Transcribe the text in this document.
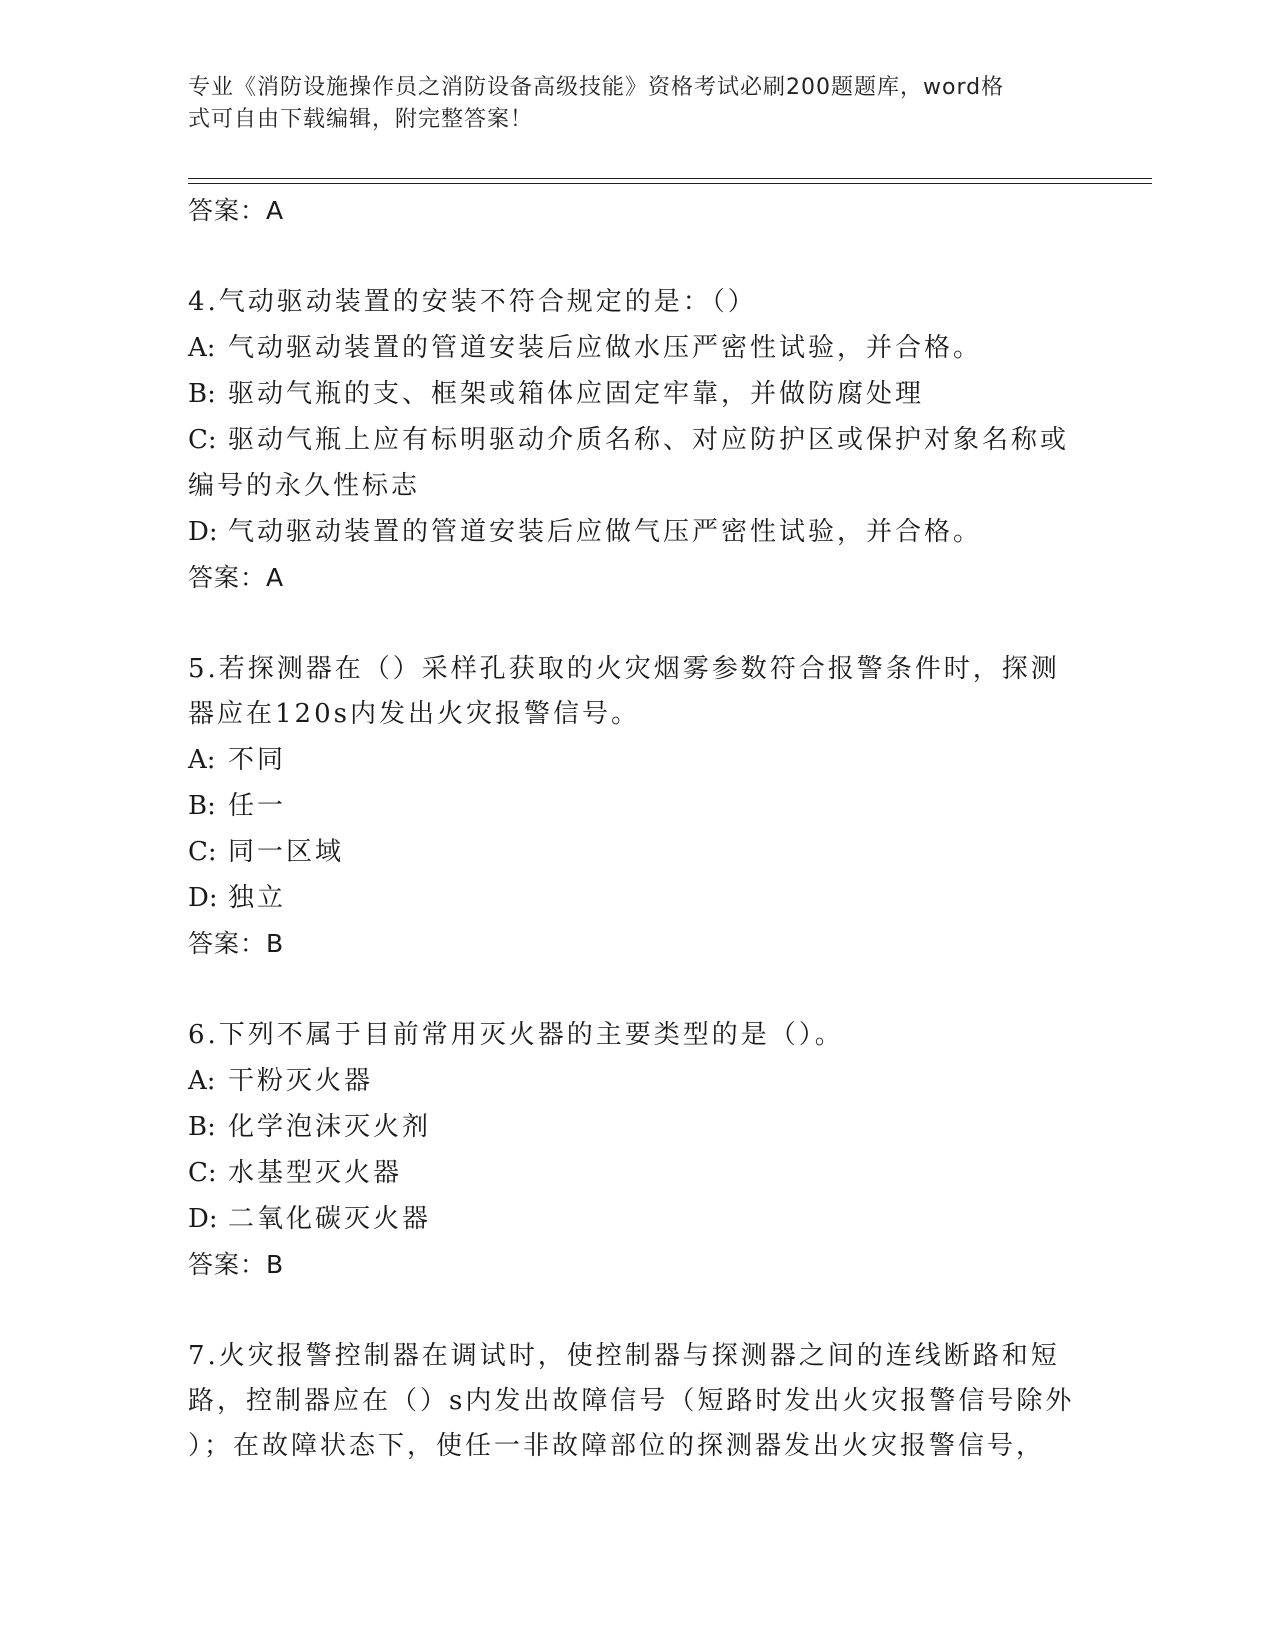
专业《消防设施操作员之消防设备高级技能》资格考试必刷200题题库，word格
式可自由下载编辑，附完整答案！

答案：A

4.气动驱动装置的安装不符合规定的是：（）

A: 气动驱动装置的管道安装后应做水压严密性试验，并合格。

B: 驱动气瓶的支、框架或箱体应固定牢靠，并做防腐处理

C: 驱动气瓶上应有标明驱动介质名称、对应防护区或保护对象名称或

编号的永久性标志

D: 气动驱动装置的管道安装后应做气压严密性试验，并合格。

答案：A

5.若探测器在（）采样孔获取的火灾烟雾参数符合报警条件时，探测

器应在120s内发出火灾报警信号。

A: 不同

B: 任一

C: 同一区域

D: 独立

答案：B

6.下列不属于目前常用灭火器的主要类型的是（）。

A: 干粉灭火器

B: 化学泡沫灭火剂

C: 水基型灭火器

D: 二氧化碳灭火器

答案：B

7.火灾报警控制器在调试时，使控制器与探测器之间的连线断路和短

路，控制器应在（）s内发出故障信号（短路时发出火灾报警信号除外

）；在故障状态下，使任一非故障部位的探测器发出火灾报警信号，
